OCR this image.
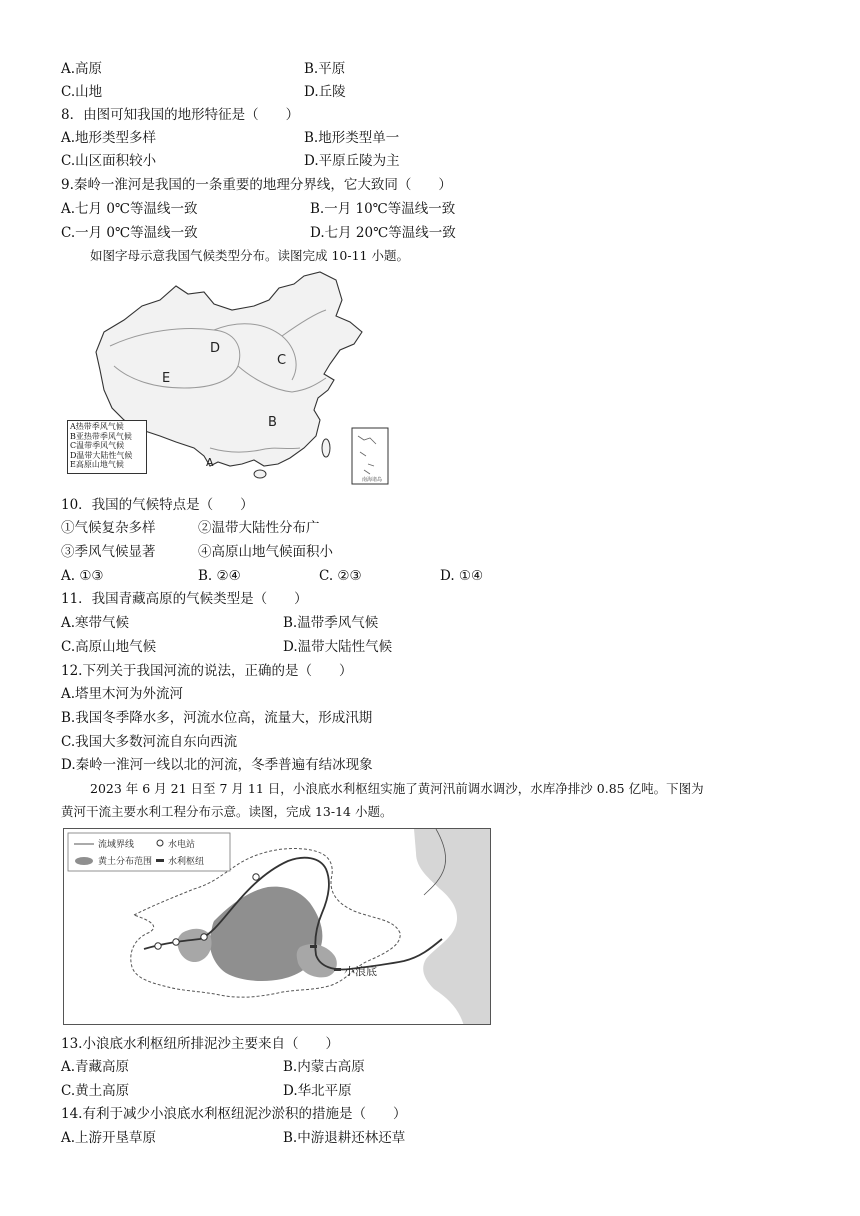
A.高原	B.平原
C.山地	D.丘陵
8．由图可知我国的地形特征是（　　）
A.地形类型多样	B.地形类型单一
C.山区面积较小	D.平原丘陵为主
9.秦岭一淮河是我国的一条重要的地理分界线，它大致同（　　）
A.七月 0℃等温线一致	B.一月 10℃等温线一致
C.一月 0℃等温线一致	D.七月 20℃等温线一致
如图字母示意我国气候类型分布。读图完成 10-11 小题。
D
C
E
B
A
南海诸岛
A热带季风气候
B亚热带季风气候
C温带季风气候
D温带大陆性气候
E高原山地气候
10．我国的气候特点是（　　）
①气候复杂多样	②温带大陆性分布广
③季风气候显著	④高原山地气候面积小
A. ①③	B. ②④	C. ②③	D. ①④
11．我国青藏高原的气候类型是（　　）
A.寒带气候	B.温带季风气候
C.高原山地气候	D.温带大陆性气候
12.下列关于我国河流的说法，正确的是（　　）
A.塔里木河为外流河
B.我国冬季降水多，河流水位高，流量大，形成汛期
C.我国大多数河流自东向西流
D.秦岭一淮河一线以北的河流，冬季普遍有结冰现象
2023 年 6 月 21 日至 7 月 11 日，小浪底水利枢纽实施了黄河汛前调水调沙，水库净排沙 0.85 亿吨。下图为
黄河干流主要水利工程分布示意。读图，完成 13-14 小题。
小浪底
流域界线	水电站
黄土分布范围 水利枢纽
13.小浪底水利枢纽所排泥沙主要来自（　　）
A.青藏高原	B.内蒙古高原
C.黄土高原	D.华北平原
14.有利于减少小浪底水利枢纽泥沙淤积的措施是（　　）
A.上游开垦草原	B.中游退耕还林还草
